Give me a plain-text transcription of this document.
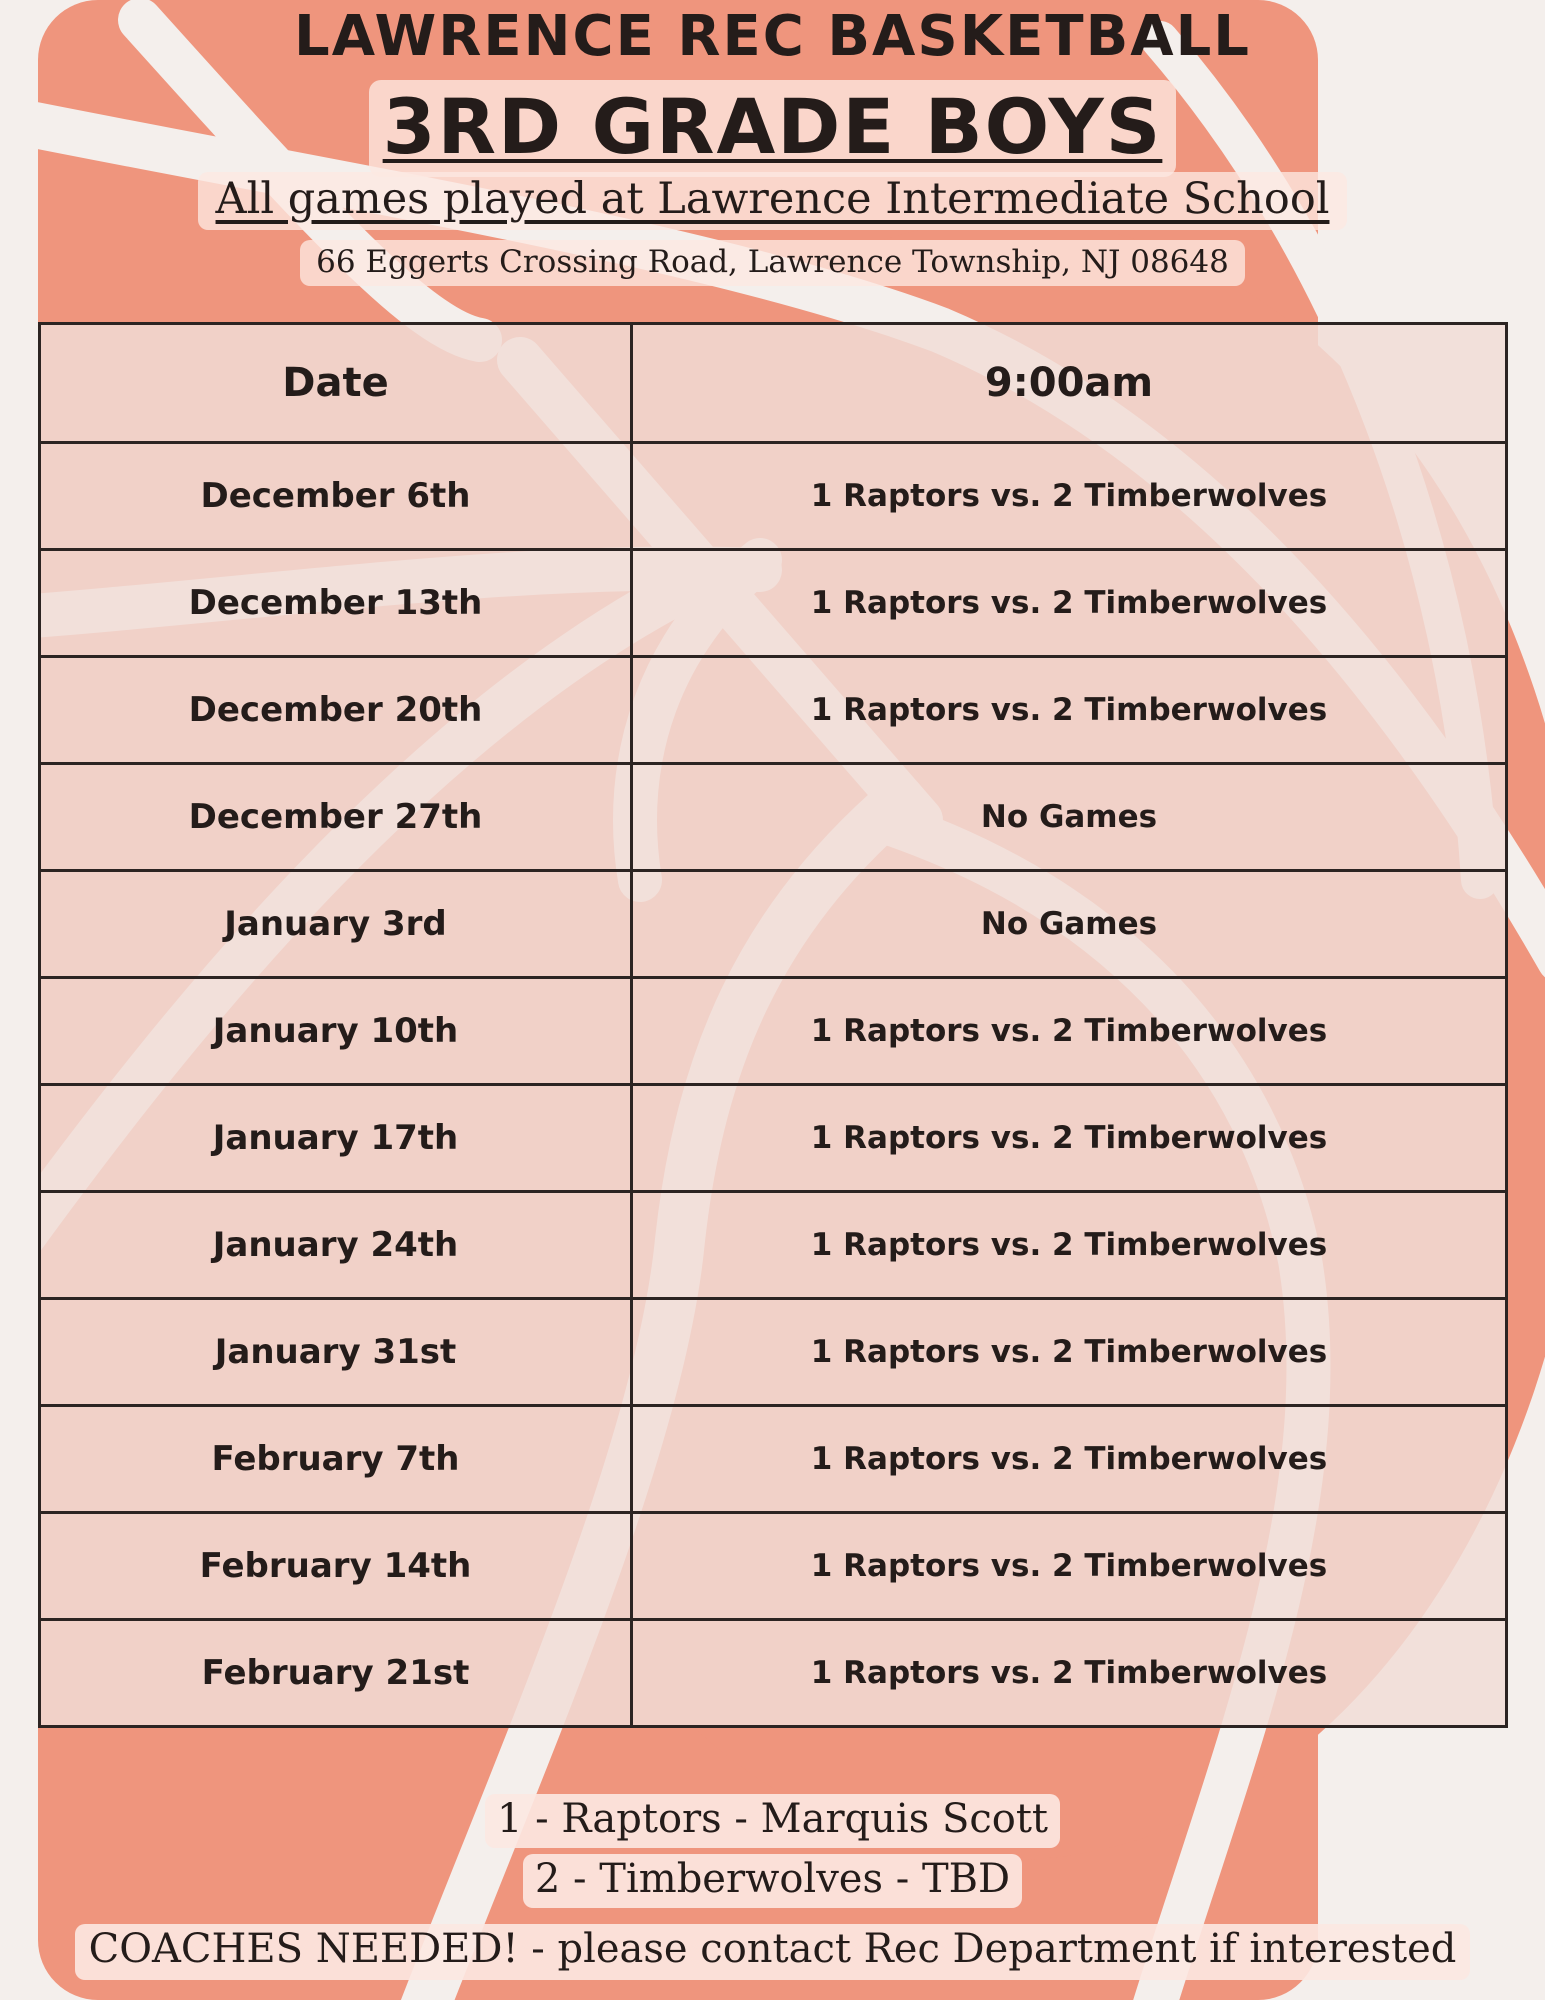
LAWRENCE REC BASKETBALL
3RD GRADE BOYS
All games played at Lawrence Intermediate School
66 Eggerts Crossing Road, Lawrence Township, NJ 08648
Date	9:00am
December 6th	1 Raptors vs. 2 Timberwolves
December 13th	1 Raptors vs. 2 Timberwolves
December 20th	1 Raptors vs. 2 Timberwolves
December 27th	No Games
January 3rd	No Games
January 10th	1 Raptors vs. 2 Timberwolves
January 17th	1 Raptors vs. 2 Timberwolves
January 24th	1 Raptors vs. 2 Timberwolves
January 31st	1 Raptors vs. 2 Timberwolves
February 7th	1 Raptors vs. 2 Timberwolves
February 14th	1 Raptors vs. 2 Timberwolves
February 21st	1 Raptors vs. 2 Timberwolves
1 - Raptors - Marquis Scott
2 - Timberwolves - TBD
COACHES NEEDED! - please contact Rec Department if interested
